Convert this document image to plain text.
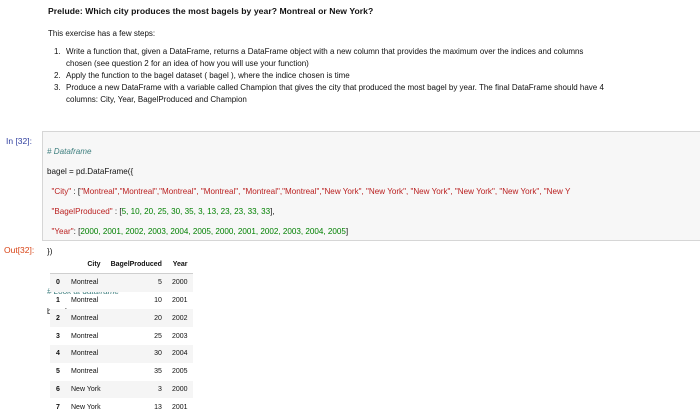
Prelude: Which city produces the most bagels by year? Montreal or New York?

This exercise has a few steps:

1. Write a function that, given a DataFrame, returns a DataFrame object with a new column that provides the maximum over the indices and columns
chosen (see question 2 for an idea of how you will use your function)
2. Apply the function to the bagel dataset ( bagel ), where the indice chosen is time
3. Produce a new DataFrame with a variable called Champion that gives the city that produced the most bagel by year. The final DataFrame should have 4
columns: City, Year, BagelProduced and Champion
In [32]:

# Dataframe

bagel = pd.DataFrame({

"City" : ["Montreal","Montreal","Montreal", "Montreal", "Montreal","Montreal","New York", "New York", "New York", "New York", "New York", "New Y

"BagelProduced" : [5, 10, 20, 25, 30, 35, 3, 13, 23, 23, 33, 33],

"Year": [2000, 2001, 2002, 2003, 2004, 2005, 2000, 2001, 2002, 2003, 2004, 2005]

})

# Look at dataframe

bagel

Out[32]:
	City	BagelProduced	Year
0	Montreal	5	2000
1	Montreal	10	2001
2	Montreal	20	2002
3	Montreal	25	2003
4	Montreal	30	2004
5	Montreal	35	2005
6	New York	3	2000
7	New York	13	2001
